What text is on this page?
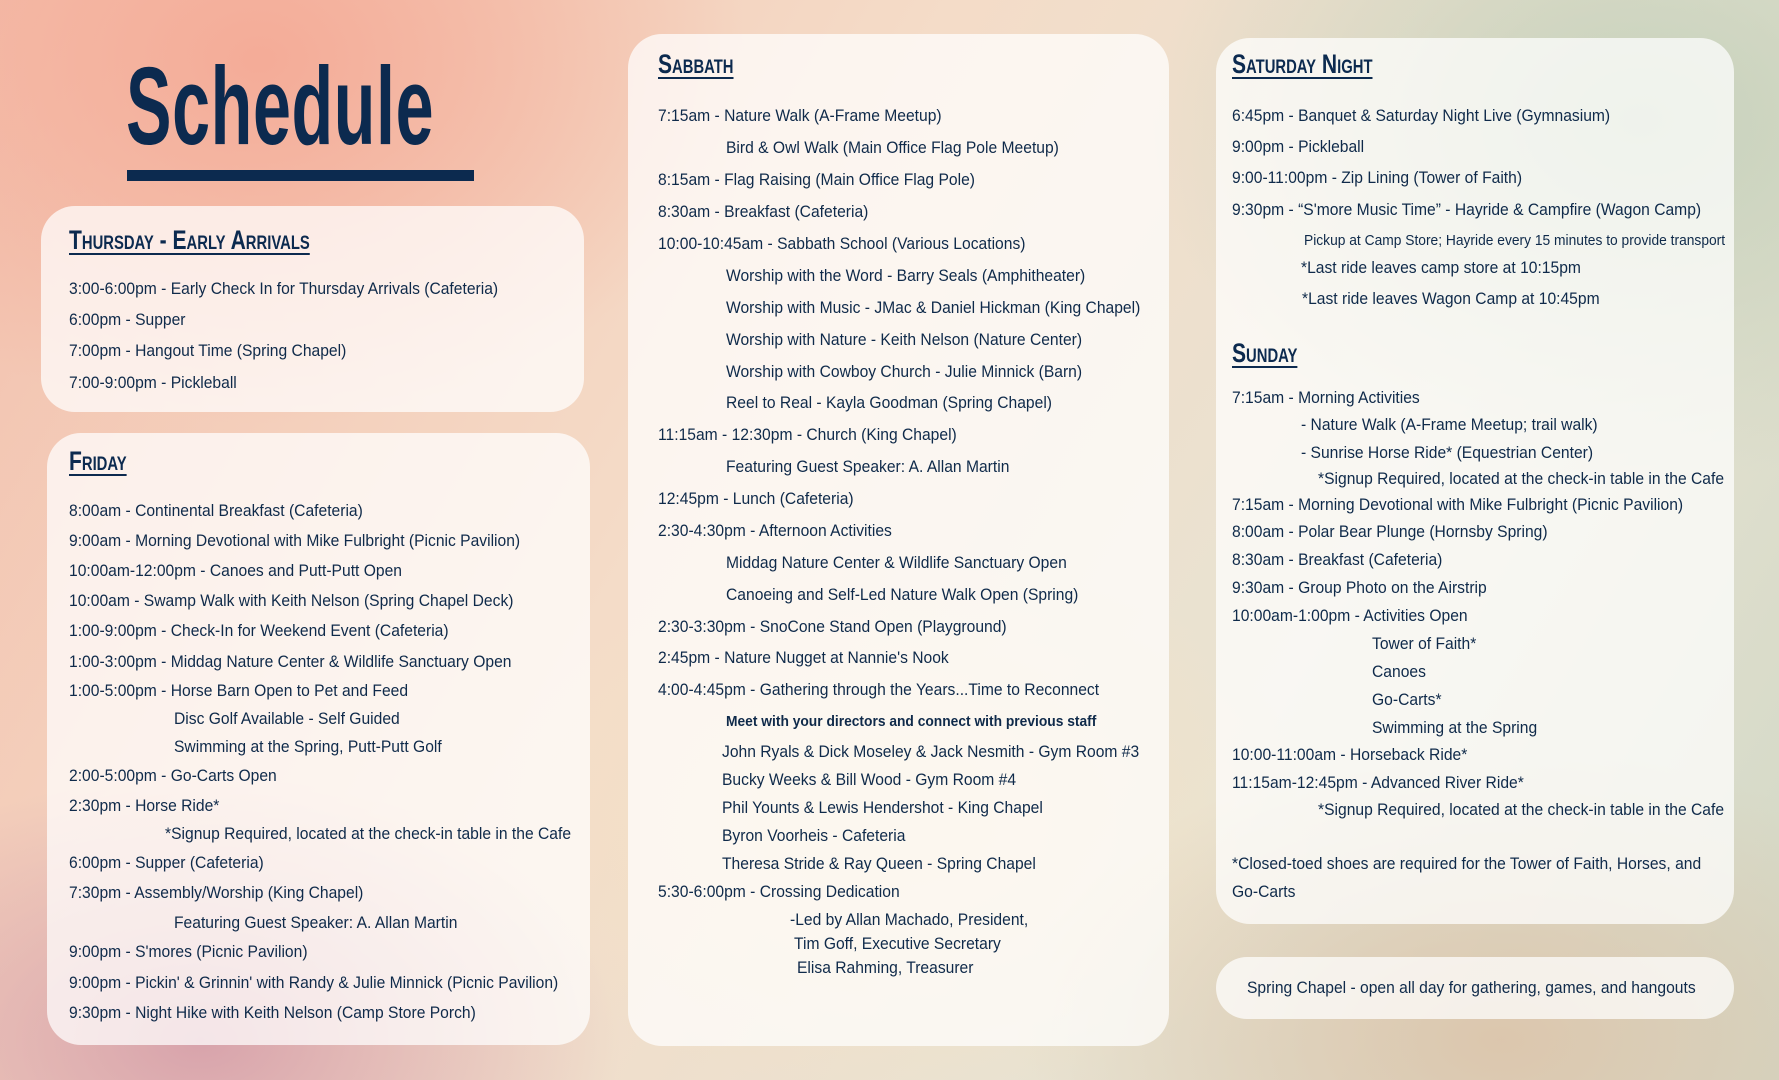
Schedule
Thursday - Early Arrivals
3:00-6:00pm - Early Check In for Thursday Arrivals (Cafeteria)
6:00pm - Supper
7:00pm - Hangout Time (Spring Chapel)
7:00-9:00pm - Pickleball
Friday
8:00am - Continental Breakfast (Cafeteria)
9:00am - Morning Devotional with Mike Fulbright (Picnic Pavilion)
10:00am-12:00pm - Canoes and Putt-Putt Open
10:00am - Swamp Walk with Keith Nelson (Spring Chapel Deck)
1:00-9:00pm - Check-In for Weekend Event (Cafeteria)
1:00-3:00pm - Middag Nature Center & Wildlife Sanctuary Open
1:00-5:00pm - Horse Barn Open to Pet and Feed
Disc Golf Available - Self Guided
Swimming at the Spring, Putt-Putt Golf
2:00-5:00pm - Go-Carts Open
2:30pm - Horse Ride*
*Signup Required, located at the check-in table in the Cafe
6:00pm - Supper (Cafeteria)
7:30pm - Assembly/Worship (King Chapel)
Featuring Guest Speaker: A. Allan Martin
9:00pm - S'mores (Picnic Pavilion)
9:00pm - Pickin' & Grinnin' with Randy & Julie Minnick (Picnic Pavilion)
9:30pm - Night Hike with Keith Nelson (Camp Store Porch)
Sabbath
7:15am - Nature Walk (A-Frame Meetup)
Bird & Owl Walk (Main Office Flag Pole Meetup)
8:15am - Flag Raising (Main Office Flag Pole)
8:30am - Breakfast (Cafeteria)
10:00-10:45am - Sabbath School (Various Locations)
Worship with the Word - Barry Seals (Amphitheater)
Worship with Music - JMac & Daniel Hickman (King Chapel)
Worship with Nature - Keith Nelson (Nature Center)
Worship with Cowboy Church - Julie Minnick (Barn)
Reel to Real - Kayla Goodman (Spring Chapel)
11:15am - 12:30pm - Church (King Chapel)
Featuring Guest Speaker: A. Allan Martin
12:45pm - Lunch (Cafeteria)
2:30-4:30pm - Afternoon Activities
Middag Nature Center & Wildlife Sanctuary Open
Canoeing and Self-Led Nature Walk Open (Spring)
2:30-3:30pm - SnoCone Stand Open (Playground)
2:45pm - Nature Nugget at Nannie's Nook
4:00-4:45pm - Gathering through the Years...Time to Reconnect
Meet with your directors and connect with previous staff
John Ryals & Dick Moseley & Jack Nesmith - Gym Room #3
Bucky Weeks & Bill Wood - Gym Room #4
Phil Younts & Lewis Hendershot - King Chapel
Byron Voorheis - Cafeteria
Theresa Stride & Ray Queen - Spring Chapel
5:30-6:00pm - Crossing Dedication
-Led by Allan Machado, President,
Tim Goff, Executive Secretary
Elisa Rahming, Treasurer
Saturday Night
6:45pm - Banquet & Saturday Night Live (Gymnasium)
9:00pm - Pickleball
9:00-11:00pm - Zip Lining (Tower of Faith)
9:30pm - “S'more Music Time” - Hayride & Campfire (Wagon Camp)
Pickup at Camp Store; Hayride every 15 minutes to provide transport
*Last ride leaves camp store at 10:15pm
*Last ride leaves Wagon Camp at 10:45pm
Sunday
7:15am - Morning Activities
- Nature Walk (A-Frame Meetup; trail walk)
- Sunrise Horse Ride* (Equestrian Center)
*Signup Required, located at the check-in table in the Cafe
7:15am - Morning Devotional with Mike Fulbright (Picnic Pavilion)
8:00am - Polar Bear Plunge (Hornsby Spring)
8:30am - Breakfast (Cafeteria)
9:30am - Group Photo on the Airstrip
10:00am-1:00pm - Activities Open
Tower of Faith*
Canoes
Go-Carts*
Swimming at the Spring
10:00-11:00am - Horseback Ride*
11:15am-12:45pm - Advanced River Ride*
*Signup Required, located at the check-in table in the Cafe
*Closed-toed shoes are required for the Tower of Faith, Horses, and
Go-Carts
Spring Chapel - open all day for gathering, games, and hangouts
